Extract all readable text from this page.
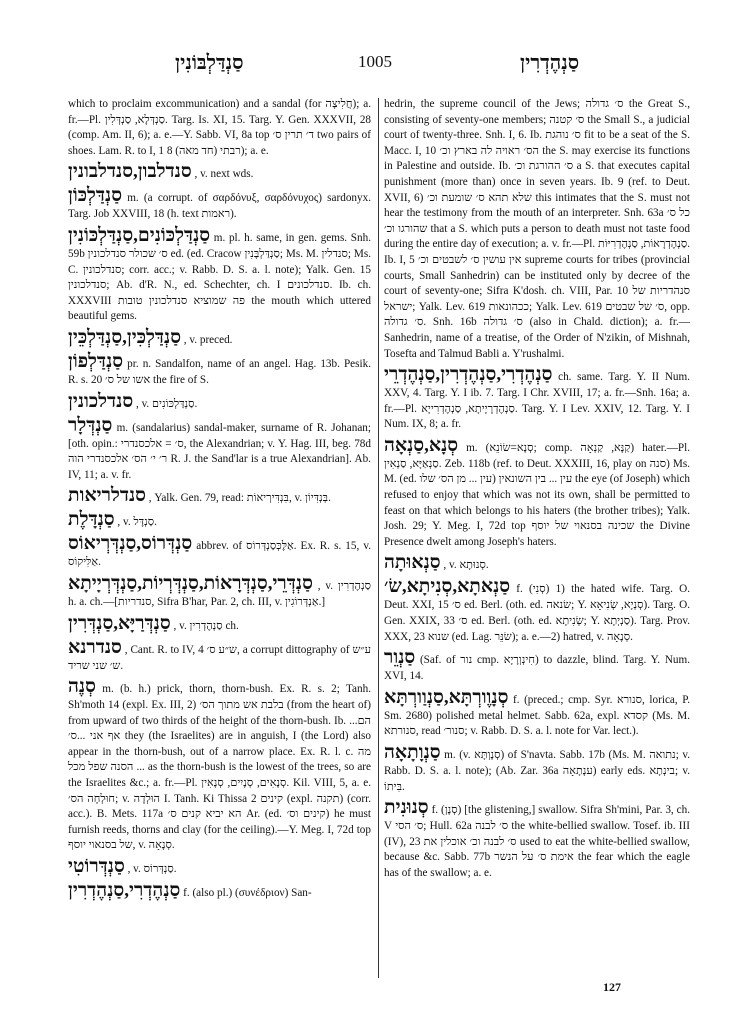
סַנְדַּלְבּוֹנִין	1005	סַנְהֶדְרִין
which to proclaim excommunication) and a sandal (for חֲלִיצָה); a. fr.—Pl. סַנְדְּלָא, סַנְדְּלִין. Targ. Is. XI, 15. Targ. Y. Gen. XXXVII, 28 (comp. Am. II, 6); a. e.—Y. Sabb. VI, 8a top ד׳ תרין ס׳ two pairs of shoes. Lam. R. to I, 1 רבתי (חד מאה) 8); a. e.
סנדלבון,סנדלבונין , v. next wds.
סַנְדַּלְכּוֹן m. (a corrupt. of σαρδόνυξ, σαρδόνυχος) sardonyx. Targ. Job XXVIII, 18 (h. text ראמות).
סַנְדַּלְכּוֹנִים,סַנְדַּלְכּוֹנִין m. pl. h. same, in gen. gems. Snh. 59b ס׳ שכולר סנדלכונין ed. (ed. Cracow סַנְדַּלְבָּנִין; Ms. M. סנדלין; Ms. C. סנדלכונין; corr. acc.; v. Rabb. D. S. a. l. note); Yalk. Gen. 15 סנדלכונין; Ab. d'R. N., ed. Schechter, ch. I סנדלכונים. Ib. ch. XXXVIII פה שמוציא סנדלכונין טובות the mouth which uttered beautiful gems.
סַנְדַּלְכִּין,סַנְדַּלְכֵּין , v. preced.
סַנְדַּלְפוֹן pr. n. Sandalfon, name of an angel. Hag. 13b. Pesik. R. s. 20 אשו של ס׳ the fire of S.
סנדלכונין , v. סַנְדַּלְכּוֹנִים.
סַנְדְּלָר m. (sandalarius) sandal-maker, surname of R. Johanan; [oth. opin.: ס׳ = אלכסנדרי, the Alexandrian; v. Y. Hag. III, beg. 78d ר׳ י׳ הס׳ אלכסנדרי הוה R. J. the Sand'lar is a true Alexandrian]. Ab. IV, 11; a. v. fr.
סנדלריאות , Yalk. Gen. 79, read: בִּנְדִּירְיאוֹת, v. בְּנְדִּיוֹן.
סַנְדָּלֶת , v. סַנְדָּל.
סַנְדְּרוֹס,סַנְדְּרְיאוֹס abbrev. of אַלֶּכְּסַנְדְּרוֹס. Ex. R. s. 15, v. אַלִּיקוֹס.
סַנְדְּרֵי,סַנְדְּרָאוֹת,סַנְדְּרְיוֹת,סַנְדְּרְיָיתָא , v. סַנְהֶדְרִין h. a. ch.—[סנדריות, Sifra B'har, Par. 2, ch. III, v. אַנְדְּרוֹגִין.]
סַנְדְּרַיָּא,סַנְדְּרִין , v. סַנְהֶדְרִין ch.
סנדרנא , Cant. R. to IV, 4 ש״ע ס׳, a corrupt dittography of ע״ש ש׳ שני שריד.
סְנֶה m. (b. h.) prick, thorn, thorn-bush. Ex. R. s. 2; Tanh. Sh'moth 14 (expl. Ex. III, 2) בלבת אש מתוך הס׳ (from the heart of) from upward of two thirds of the height of the thorn-bush. Ib. ...הם אף אני ...ס׳ they (the Israelites) are in anguish, I (the Lord) also appear in the thorn-bush, out of a narrow place. Ex. R. l. c. מה הסנה שפל מכל ... as the thorn-bush is the lowest of the trees, so are the Israelites &c.; a. fr.—Pl. סְנָאִים, סְנָיִים, סְנָאִין. Kil. VIII, 5, a. e. חוּלְחָה הס׳; v. הוּלְדָה I. Tanh. Ki Thissa 2 קינים (expl. תקנה) (corr. acc.). B. Mets. 117a הא יביא קנים ס׳ Ar. (ed. קינים וס׳) he must furnish reeds, thorns and clay (for the ceiling).—Y. Meg. I, 72d top של בסנאוי יוסף, v. סְנָאָה.
סַנְדְּרוֹטִי , v. סַנְדְּרוֹס.
סַנְהֶדְרִי,סַנְהֶדְרִין f. (also pl.) (συνέδριον) San-
hedrin, the supreme council of the Jews; ס׳ גדולה the Great S., consisting of seventy-one members; ס׳ קטנה the Small S., a judicial court of twenty-three. Snh. I, 6. Ib. ס׳ נוהגת fit to be a seat of the S. Macc. I, 10 הס׳ ראויה לה בארץ וכ׳ the S. may exercise its functions in Palestine and outside. Ib. ס׳ ההורגת וכ׳ a S. that executes capital punishment (more than) once in seven years. Ib. 9 (ref. to Deut. XVII, 6) שלא תהא ס׳ שומעת וכ׳ this intimates that the S. must not hear the testimony from the mouth of an interpreter. Snh. 63a כל ס׳ שהורגו וכ׳ that a S. which puts a person to death must not taste food during the entire day of execution; a. v. fr.—Pl. סַנְהֶדְרָאוֹת, סַנְהֶדְרִיּוֹת. Ib. I, 5 אין עושין ס׳ לשבטים וכ׳ supreme courts for tribes (provincial courts, Small Sanhedrin) can be instituted only by decree of the court of seventy-one; Sifra K'dosh. ch. VIII, Par. 10 סנהדריות של ישראל; Yalk. Lev. 619 ככהונאות; Yalk. Lev. 619 ס׳ של שבטים, opp. ס׳ גדולה. Snh. 16b ס׳ גדולה (also in Chald. diction); a. fr.—Sanhedrin, name of a treatise, of the Order of N'zikin, of Mishnah, Tosefta and Talmud Babli a. Y'rushalmi.
סַנְהֶדְרִי,סַנְהֶדְרִין,סַנְהֶדְרֵי ch. same. Targ. Y. II Num. XXV, 4. Targ. Y. I ib. 7. Targ. I Chr. XVIII, 17; a. fr.—Snh. 16a; a. fr.—Pl. סַנְהֶדְרָיָיתָא, סַנְהֶדְרִייָא. Targ. Y. I Lev. XXIV, 12. Targ. Y. I Num. IX, 8; a. fr.
סְנָא,סַנְאָה m. (סְנָא=שׂוֹנֵא; comp. קַנָּא, קַנְאָה) hater.—Pl. סַנְאַיָּא, סַנְאִין. Zeb. 118b (ref. to Deut. XXXIII, 16, play on סנה) Ms. M. (ed. עין ... מן הס׳ שלו) עין ... בין השונאין the eye (of Joseph) which refused to enjoy that which was not its own, shall be permitted to feast on that which belongs to his haters (the brother tribes); Yalk. Josh. 29; Y. Meg. I, 72d top שכינה בסנאוי של יוסף the Divine Presence dwelt among Joseph's haters.
סַנְאוּתָה , v. סְנוּתָא.
סַנְאתָא,סְנִיתָא,שׂ׳ f. (סְנִי) 1) the hated wife. Targ. O. Deut. XXI, 15 ס׳ ed. Berl. (oth. ed. שׂנאה; Y. סְנְיָא, שְׂנִיאָא). Targ. O. Gen. XXIX, 33 ס׳ ed. Berl. (oth. ed. שְׂנִיתָא; Y. סַנְיְתָא). Targ. Prov. XXX, 23 שנוא (ed. Lag. שׂנֵּר); a. e.—2) hatred, v. סְנָאָה.
סַנְוֵר (Saf. of נור cmp. חִינְוְרָיָא) to dazzle, blind. Targ. Y. Num. XVI, 14.
סְנָוֶורְתָּא,סַנְוַורְתָּא f. (preced.; cmp. Syr. סנורא, lorica, P. Sm. 2680) polished metal helmet. Sabb. 62a, expl. קסדא (Ms. M. סנורתא, read סנור׳; v. Rabb. D. S. a. l. note for Var. lect.).
סַנְוָתָאָה m. (v. סְנָוְתָּא) of S'navta. Sabb. 17b (Ms. M. נתואה; v. Rabb. D. S. a. l. note); (Ab. Zar. 36a ענָתָאָה) early eds. בינְתָא; v. בִּיתוֹ.
סְנוּנִית f. (סְנָן) [the glistening,] swallow. Sifra Sh'mini, Par. 3, ch. V ס׳ הסי; Hull. 62a ס׳ לבנה the white-bellied swallow. Tosef. ib. III (IV), 23 ס׳ לבנה וכ׳ אוכלין את used to eat the white-bellied swallow, because &c. Sabb. 77b אימת ס׳ על הנשר the fear which the eagle has of the swallow; a. e.
127
